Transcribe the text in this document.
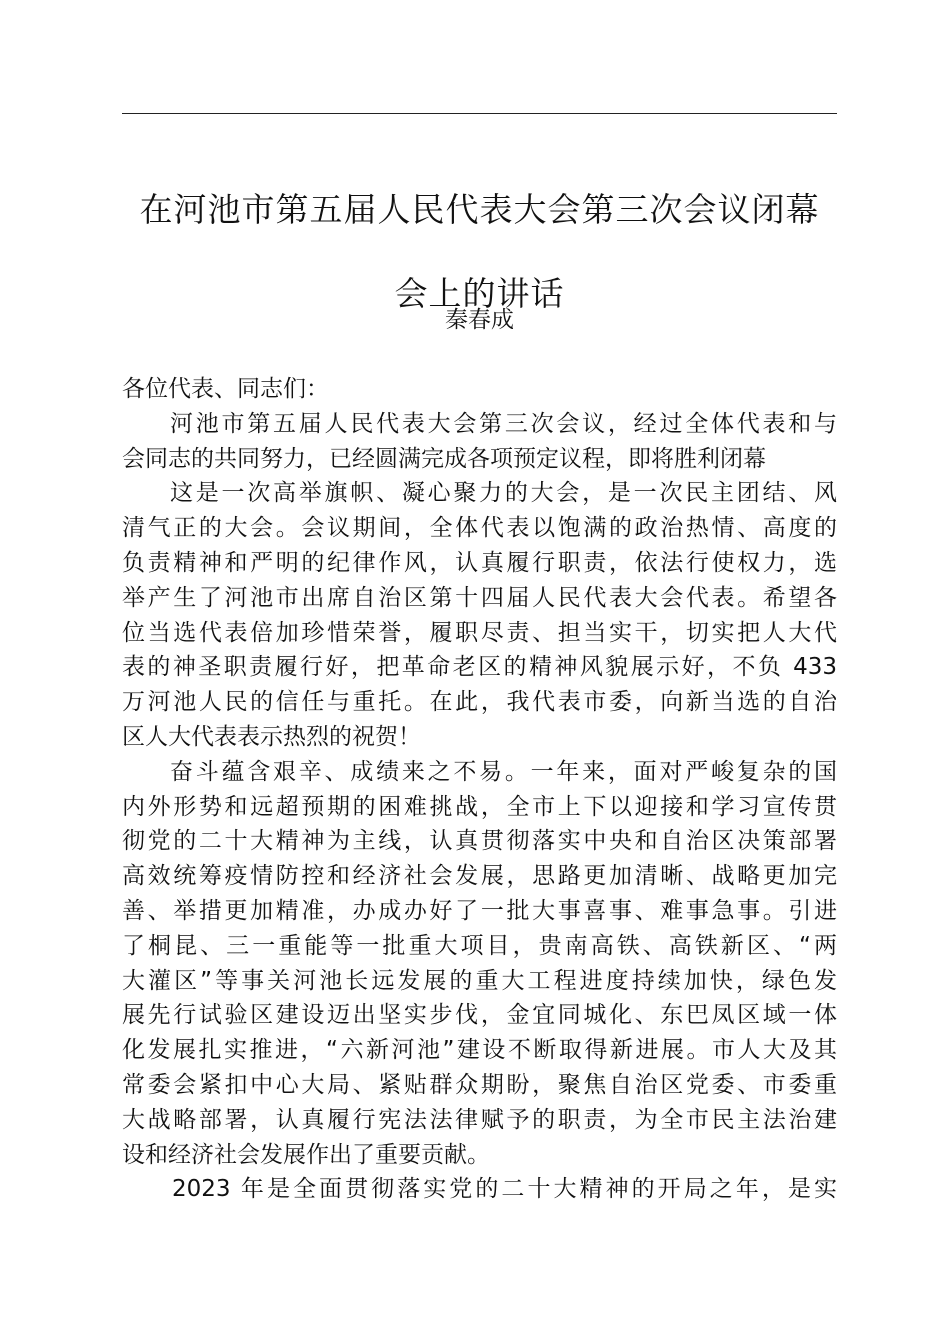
在河池市第五届人民代表大会第三次会议闭幕
会上的讲话

秦春成

各位代表、同志们：
河池市第五届人民代表大会第三次会议，经过全体代表和与
会同志的共同努力，已经圆满完成各项预定议程，即将胜利闭幕
这是一次高举旗帜、凝心聚力的大会，是一次民主团结、风
清气正的大会。会议期间，全体代表以饱满的政治热情、高度的
负责精神和严明的纪律作风，认真履行职责，依法行使权力，选
举产生了河池市出席自治区第十四届人民代表大会代表。希望各
位当选代表倍加珍惜荣誉，履职尽责、担当实干，切实把人大代
表的神圣职责履行好，把革命老区的精神风貌展示好，不负 433
万河池人民的信任与重托。在此，我代表市委，向新当选的自治
区人大代表表示热烈的祝贺！
奋斗蕴含艰辛、成绩来之不易。一年来，面对严峻复杂的国
内外形势和远超预期的困难挑战，全市上下以迎接和学习宣传贯
彻党的二十大精神为主线，认真贯彻落实中央和自治区决策部署
高效统筹疫情防控和经济社会发展，思路更加清晰、战略更加完
善、举措更加精准，办成办好了一批大事喜事、难事急事。引进
了桐昆、三一重能等一批重大项目，贵南高铁、高铁新区、“两
大灌区”等事关河池长远发展的重大工程进度持续加快，绿色发
展先行试验区建设迈出坚实步伐，金宜同城化、东巴凤区域一体
化发展扎实推进，“六新河池”建设不断取得新进展。市人大及其
常委会紧扣中心大局、紧贴群众期盼，聚焦自治区党委、市委重
大战略部署，认真履行宪法法律赋予的职责，为全市民主法治建
设和经济社会发展作出了重要贡献。
2023 年是全面贯彻落实党的二十大精神的开局之年，是实
